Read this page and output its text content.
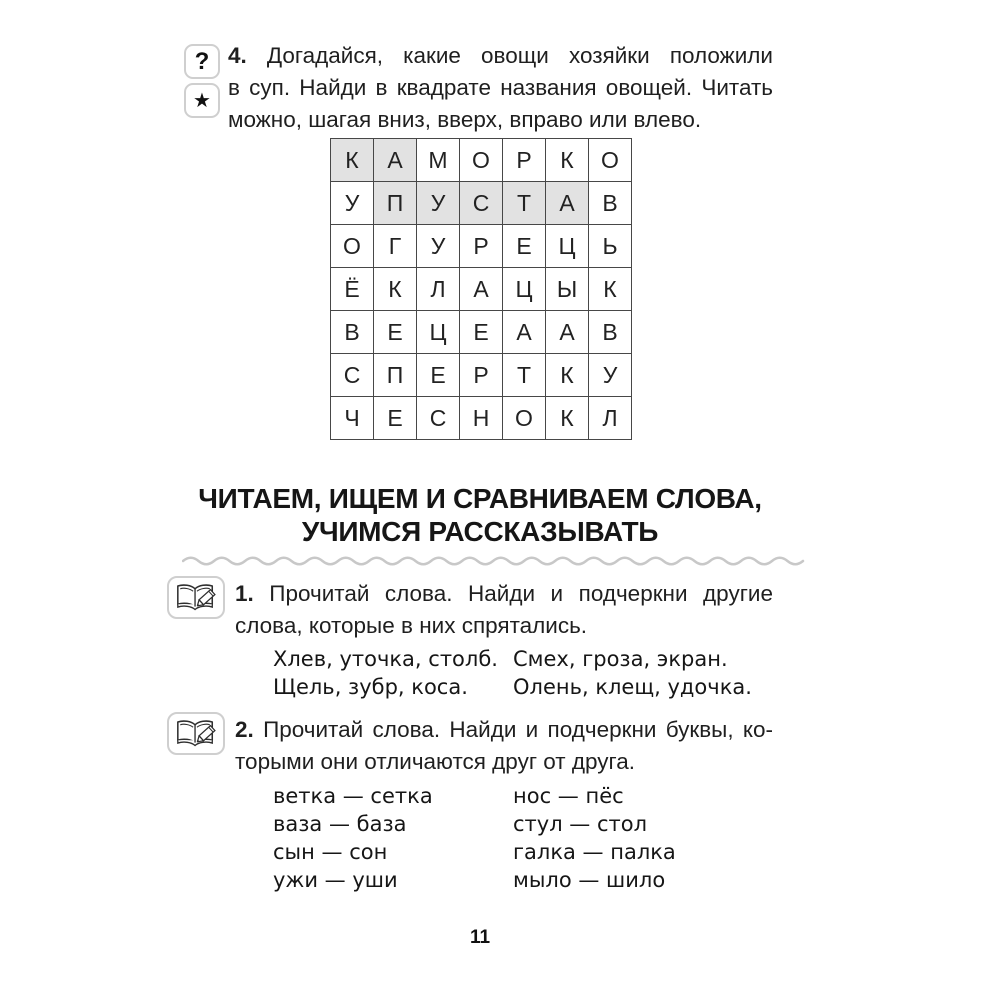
?
★
4. Догадайся, какие овощи хозяйки положили
в суп. Найди в квадрате названия овощей. Читать
можно, шагая вниз, вверх, вправо или влево.
К	А	М	О	Р	К	О
У	П	У	С	Т	А	В
О	Г	У	Р	Е	Ц	Ь
Ё	К	Л	А	Ц	Ы	К
В	Е	Ц	Е	А	А	В
С	П	Е	Р	Т	К	У
Ч	Е	С	Н	О	К	Л
ЧИТАЕМ, ИЩЕМ И СРАВНИВАЕМ СЛОВА,
УЧИМСЯ РАССКАЗЫВАТЬ
1. Прочитай слова. Найди и подчеркни другие
слова, которые в них спрятались.
Хлев, уточка, столб.
Щель, зубр, коса.
Смех, гроза, экран.
Олень, клещ, удочка.
2. Прочитай слова. Найди и подчеркни буквы, ко-
торыми они отличаются друг от друга.
ветка — сетка
ваза — база
сын — сон
ужи — уши
нос — пёс
стул — стол
галка — палка
мыло — шило
11
